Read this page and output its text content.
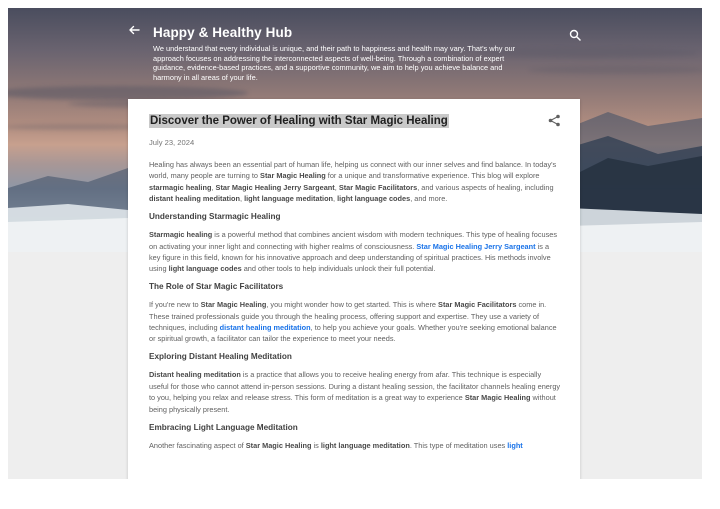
Happy & Healthy Hub
We understand that every individual is unique, and their path to happiness and health may vary. That's why our approach focuses on addressing the interconnected aspects of well-being. Through a combination of expert guidance, evidence-based practices, and a supportive community, we aim to help you achieve balance and harmony in all areas of your life.
Discover the Power of Healing with Star Magic Healing
July 23, 2024

Healing has always been an essential part of human life, helping us connect with our inner selves and find balance. In today's world, many people are turning to Star Magic Healing for a unique and transformative experience. This blog will explore starmagic healing, Star Magic Healing Jerry Sargeant, Star Magic Facilitators, and various aspects of healing, including distant healing meditation, light language meditation, light language codes, and more.

Understanding Starmagic Healing

Starmagic healing is a powerful method that combines ancient wisdom with modern techniques. This type of healing focuses on activating your inner light and connecting with higher realms of consciousness. Star Magic Healing Jerry Sargeant is a key figure in this field, known for his innovative approach and deep understanding of spiritual practices. His methods involve using light language codes and other tools to help individuals unlock their full potential.

The Role of Star Magic Facilitators

If you're new to Star Magic Healing, you might wonder how to get started. This is where Star Magic Facilitators come in. These trained professionals guide you through the healing process, offering support and expertise. They use a variety of techniques, including distant healing meditation, to help you achieve your goals. Whether you're seeking emotional balance or spiritual growth, a facilitator can tailor the experience to meet your needs.

Exploring Distant Healing Meditation

Distant healing meditation is a practice that allows you to receive healing energy from afar. This technique is especially useful for those who cannot attend in-person sessions. During a distant healing session, the facilitator channels healing energy to you, helping you relax and release stress. This form of meditation is a great way to experience Star Magic Healing without being physically present.

Embracing Light Language Meditation

Another fascinating aspect of Star Magic Healing is light language meditation. This type of meditation uses light
